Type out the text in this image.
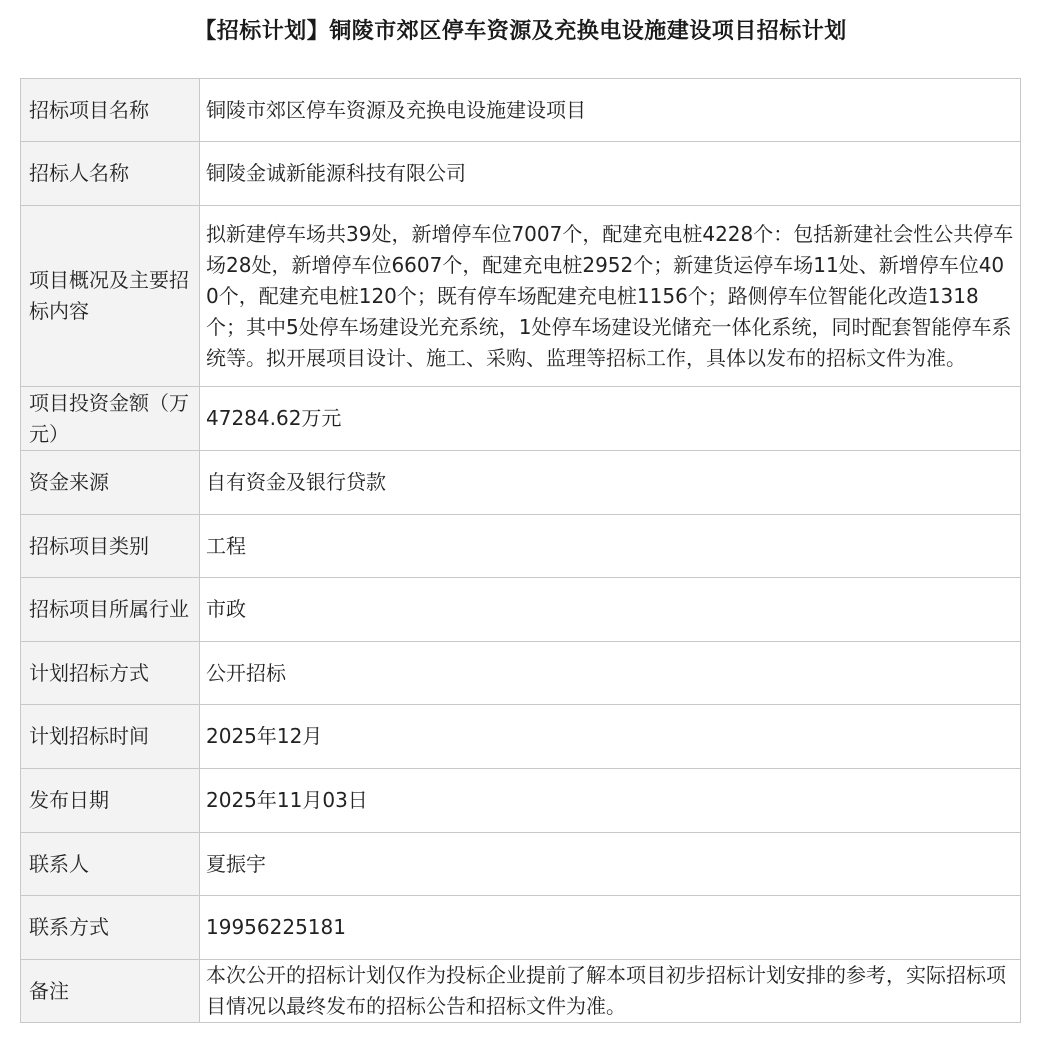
【招标计划】铜陵市郊区停车资源及充换电设施建设项目招标计划
招标项目名称	铜陵市郊区停车资源及充换电设施建设项目
招标人名称	铜陵金诚新能源科技有限公司
项目概况及主要招标内容	拟新建停车场共39处，新增停车位7007个，配建充电桩4228个：包括新建社会性公共停车场28处，新增停车位6607个，配建充电桩2952个；新建货运停车场11处、新增停车位400个，配建充电桩120个；既有停车场配建充电桩1156个；路侧停车位智能化改造1318个；其中5处停车场建设光充系统，1处停车场建设光储充一体化系统，同时配套智能停车系统等。拟开展项目设计、施工、采购、监理等招标工作，具体以发布的招标文件为准。
项目投资金额（万元）	47284.62万元
资金来源	自有资金及银行贷款
招标项目类别	工程
招标项目所属行业	市政
计划招标方式	公开招标
计划招标时间	2025年12月
发布日期	2025年11月03日
联系人	夏振宇
联系方式	19956225181
备注	本次公开的招标计划仅作为投标企业提前了解本项目初步招标计划安排的参考，实际招标项目情况以最终发布的招标公告和招标文件为准。
